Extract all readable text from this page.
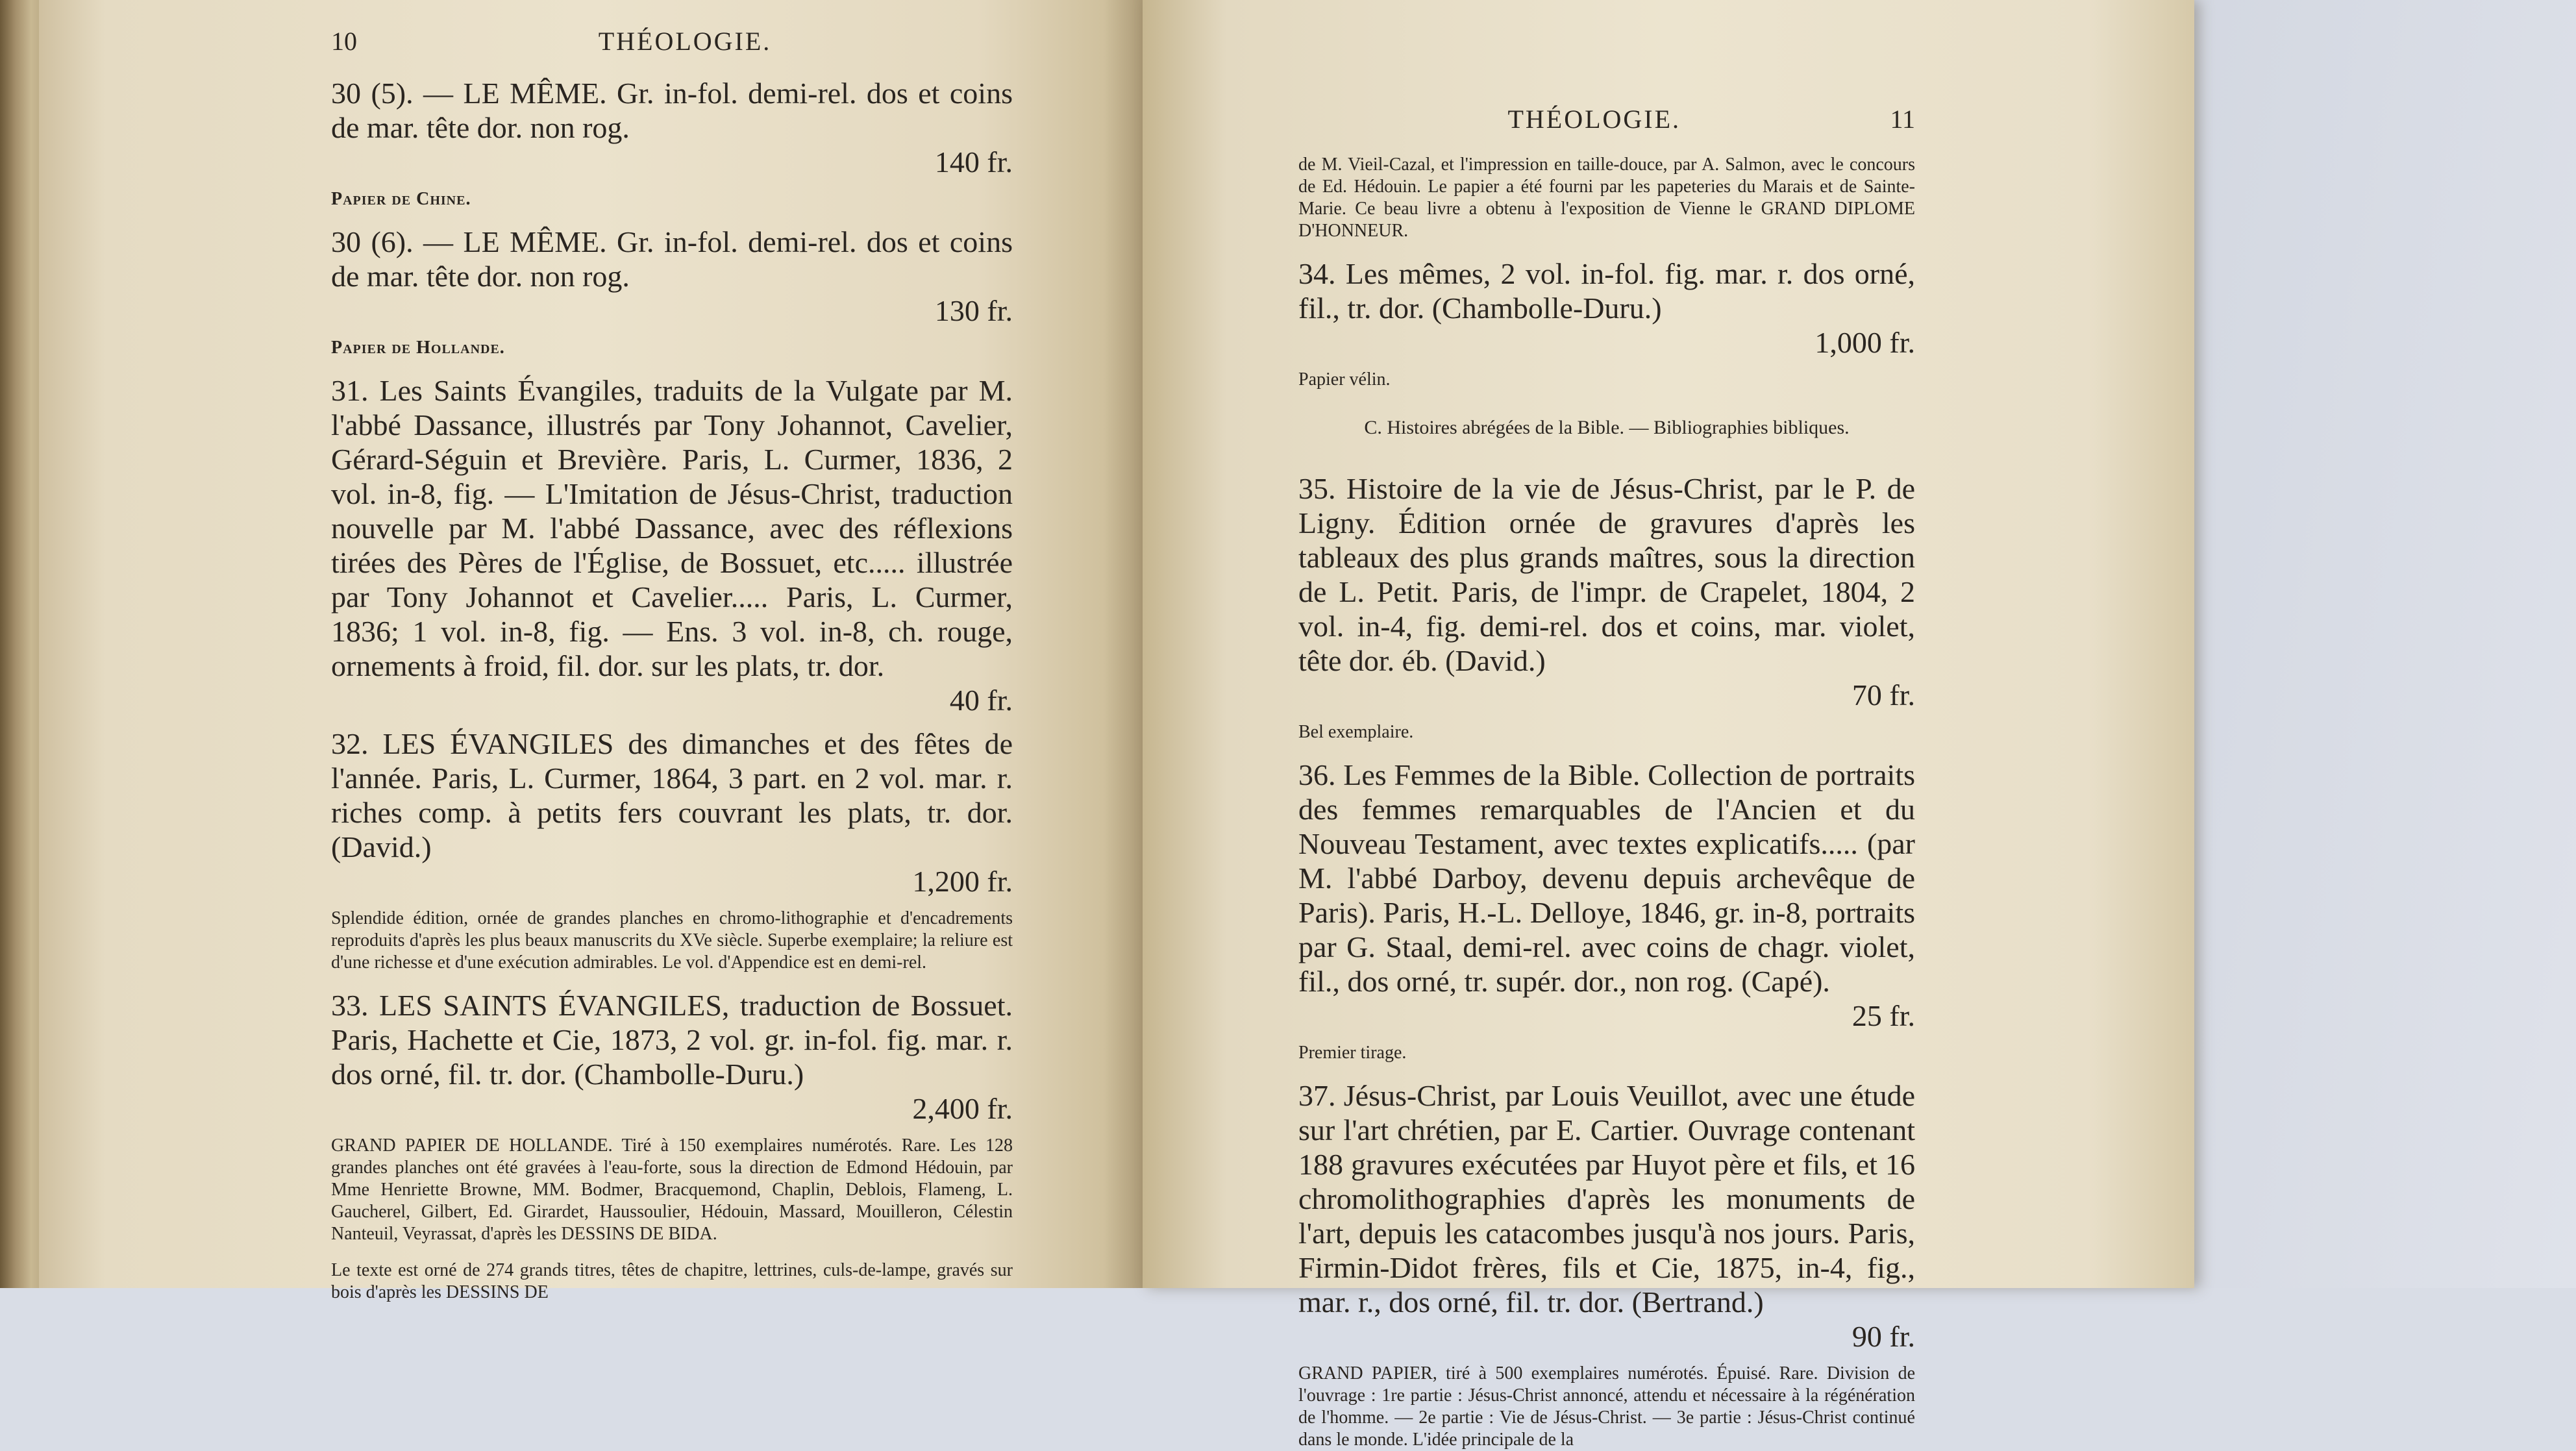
10	THÉOLOGIE.

30 (5). — LE MÊME. Gr. in-fol. demi-rel. dos et coins de mar. tête dor. non rog.
140 fr.

Papier de Chine.

30 (6). — LE MÊME. Gr. in-fol. demi-rel. dos et coins de mar. tête dor. non rog.
130 fr.

Papier de Hollande.

31. Les Saints Évangiles, traduits de la Vulgate par M. l'abbé Dassance, illustrés par Tony Johannot, Cavelier, Gérard-Séguin et Brevière. Paris, L. Curmer, 1836, 2 vol. in-8, fig. — L'Imitation de Jésus-Christ, traduction nouvelle par M. l'abbé Dassance, avec des réflexions tirées des Pères de l'Église, de Bossuet, etc..... illustrée par Tony Johannot et Cavelier..... Paris, L. Curmer, 1836; 1 vol. in-8, fig. — Ens. 3 vol. in-8, ch. rouge, ornements à froid, fil. dor. sur les plats, tr. dor.
40 fr.

32. LES ÉVANGILES des dimanches et des fêtes de l'année. Paris, L. Curmer, 1864, 3 part. en 2 vol. mar. r. riches comp. à petits fers couvrant les plats, tr. dor. (David.)
1,200 fr.

Splendide édition, ornée de grandes planches en chromo-lithographie et d'encadrements reproduits d'après les plus beaux manuscrits du XVe siècle. Superbe exemplaire; la reliure est d'une richesse et d'une exécution admirables. Le vol. d'Appendice est en demi-rel.

33. LES SAINTS ÉVANGILES, traduction de Bossuet. Paris, Hachette et Cie, 1873, 2 vol. gr. in-fol. fig. mar. r. dos orné, fil. tr. dor. (Chambolle-Duru.)
2,400 fr.

GRAND PAPIER DE HOLLANDE. Tiré à 150 exemplaires numérotés. Rare. Les 128 grandes planches ont été gravées à l'eau-forte, sous la direction de Edmond Hédouin, par Mme Henriette Browne, MM. Bodmer, Bracquemond, Chaplin, Deblois, Flameng, L. Gaucherel, Gilbert, Ed. Girardet, Haussoulier, Hédouin, Massard, Mouilleron, Célestin Nanteuil, Veyrassat, d'après les DESSINS DE BIDA.

Le texte est orné de 274 grands titres, têtes de chapitre, lettrines, culs-de-lampe, gravés sur bois d'après les DESSINS DE

THÉOLOGIE.	11

de M. Vieil-Cazal, et l'impression en taille-douce, par A. Salmon, avec le concours de Ed. Hédouin. Le papier a été fourni par les papeteries du Marais et de Sainte-Marie. Ce beau livre a obtenu à l'exposition de Vienne le GRAND DIPLOME D'HONNEUR.

34. Les mêmes, 2 vol. in-fol. fig. mar. r. dos orné, fil., tr. dor. (Chambolle-Duru.)
1,000 fr.

Papier vélin.

C. Histoires abrégées de la Bible. — Bibliographies bibliques.

35. Histoire de la vie de Jésus-Christ, par le P. de Ligny. Édition ornée de gravures d'après les tableaux des plus grands maîtres, sous la direction de L. Petit. Paris, de l'impr. de Crapelet, 1804, 2 vol. in-4, fig. demi-rel. dos et coins, mar. violet, tête dor. éb. (David.)
70 fr.

Bel exemplaire.

36. Les Femmes de la Bible. Collection de portraits des femmes remarquables de l'Ancien et du Nouveau Testament, avec textes explicatifs..... (par M. l'abbé Darboy, devenu depuis archevêque de Paris). Paris, H.-L. Delloye, 1846, gr. in-8, portraits par G. Staal, demi-rel. avec coins de chagr. violet, fil., dos orné, tr. supér. dor., non rog. (Capé).
25 fr.

Premier tirage.

37. Jésus-Christ, par Louis Veuillot, avec une étude sur l'art chrétien, par E. Cartier. Ouvrage contenant 188 gravures exécutées par Huyot père et fils, et 16 chromolithographies d'après les monuments de l'art, depuis les catacombes jusqu'à nos jours. Paris, Firmin-Didot frères, fils et Cie, 1875, in-4, fig., mar. r., dos orné, fil. tr. dor. (Bertrand.)
90 fr.

GRAND PAPIER, tiré à 500 exemplaires numérotés. Épuisé. Rare. Division de l'ouvrage : 1re partie : Jésus-Christ annoncé, attendu et nécessaire à la régénération de l'homme. — 2e partie : Vie de Jésus-Christ. — 3e partie : Jésus-Christ continué dans le monde. L'idée principale de la
